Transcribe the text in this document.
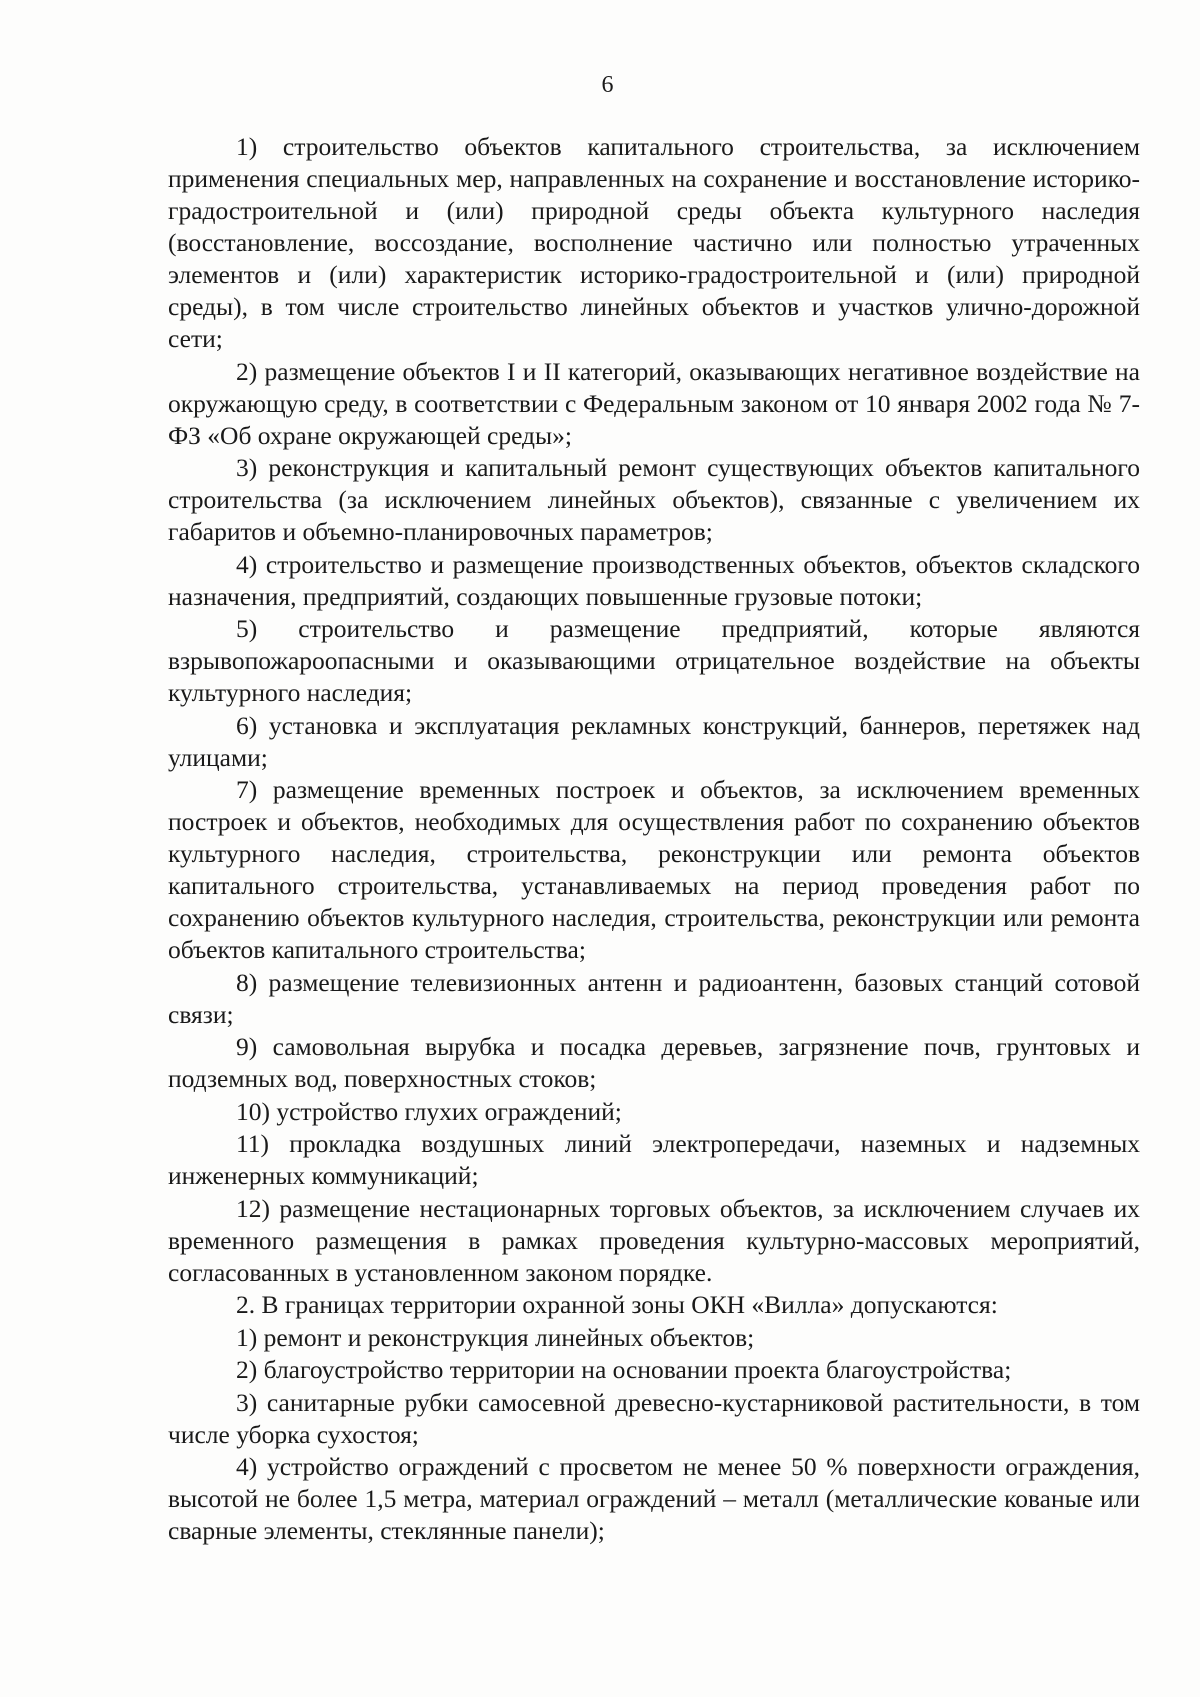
6

1) строительство объектов капитального строительства, за исключением применения специальных мер, направленных на сохранение и восстановление историко-градостроительной и (или) природной среды объекта культурного наследия (восстановление, воссоздание, восполнение частично или полностью утраченных элементов и (или) характеристик историко-градостроительной и (или) природной среды), в том числе строительство линейных объектов и участков улично-дорожной сети;

2) размещение объектов I и II категорий, оказывающих негативное воздействие на окружающую среду, в соответствии с Федеральным законом от 10 января 2002 года № 7-ФЗ «Об охране окружающей среды»;

3) реконструкция и капитальный ремонт существующих объектов капитального строительства (за исключением линейных объектов), связанные с увеличением их габаритов и объемно-планировочных параметров;

4) строительство и размещение производственных объектов, объектов складского назначения, предприятий, создающих повышенные грузовые потоки;

5) строительство и размещение предприятий, которые являются взрывопожароопасными и оказывающими отрицательное воздействие на объекты культурного наследия;

6) установка и эксплуатация рекламных конструкций, баннеров, перетяжек над улицами;

7) размещение временных построек и объектов, за исключением временных построек и объектов, необходимых для осуществления работ по сохранению объектов культурного наследия, строительства, реконструкции или ремонта объектов капитального строительства, устанавливаемых на период проведения работ по сохранению объектов культурного наследия, строительства, реконструкции или ремонта объектов капитального строительства;

8) размещение телевизионных антенн и радиоантенн, базовых станций сотовой связи;

9) самовольная вырубка и посадка деревьев, загрязнение почв, грунтовых и подземных вод, поверхностных стоков;

10) устройство глухих ограждений;

11) прокладка воздушных линий электропередачи, наземных и надземных инженерных коммуникаций;

12) размещение нестационарных торговых объектов, за исключением случаев их временного размещения в рамках проведения культурно-массовых мероприятий, согласованных в установленном законом порядке.

2. В границах территории охранной зоны ОКН «Вилла» допускаются:

1) ремонт и реконструкция линейных объектов;

2) благоустройство территории на основании проекта благоустройства;

3) санитарные рубки самосевной древесно-кустарниковой растительности, в том числе уборка сухостоя;

4) устройство ограждений с просветом не менее 50 % поверхности ограждения, высотой не более 1,5 метра, материал ограждений – металл (металлические кованые или сварные элементы, стеклянные панели);
